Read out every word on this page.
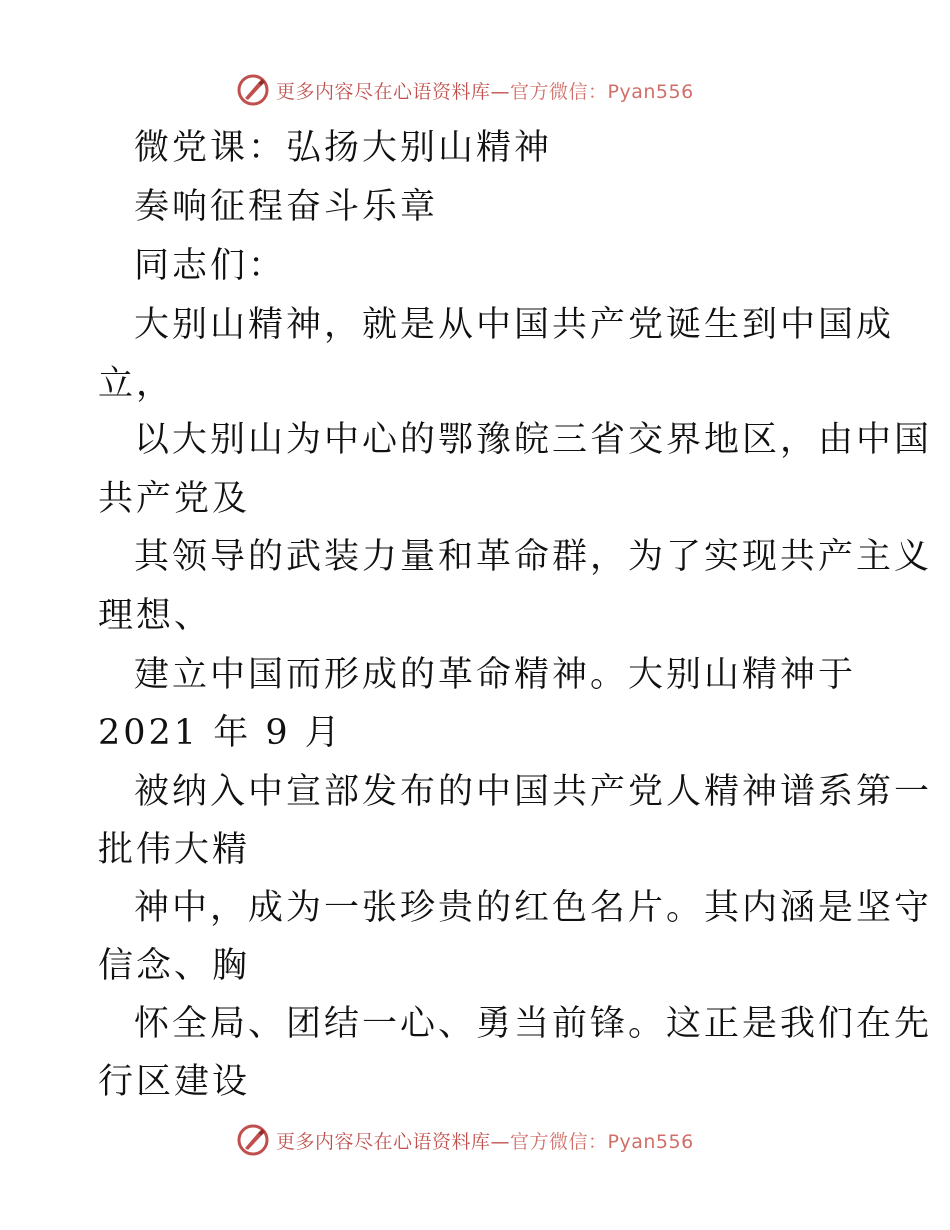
更多内容尽在心语资料库—官方微信：Pyan556
微党课：弘扬大别山精神
奏响征程奋斗乐章
同志们：
大别山精神，就是从中国共产党诞生到中国成
立，
以大别山为中心的鄂豫皖三省交界地区，由中国
共产党及
其领导的武装力量和革命群，为了实现共产主义
理想、
建立中国而形成的革命精神。大别山精神于
2021 年 9 月
被纳入中宣部发布的中国共产党人精神谱系第一
批伟大精
神中，成为一张珍贵的红色名片。其内涵是坚守
信念、胸
怀全局、团结一心、勇当前锋。这正是我们在先
行区建设
更多内容尽在心语资料库—官方微信：Pyan556
